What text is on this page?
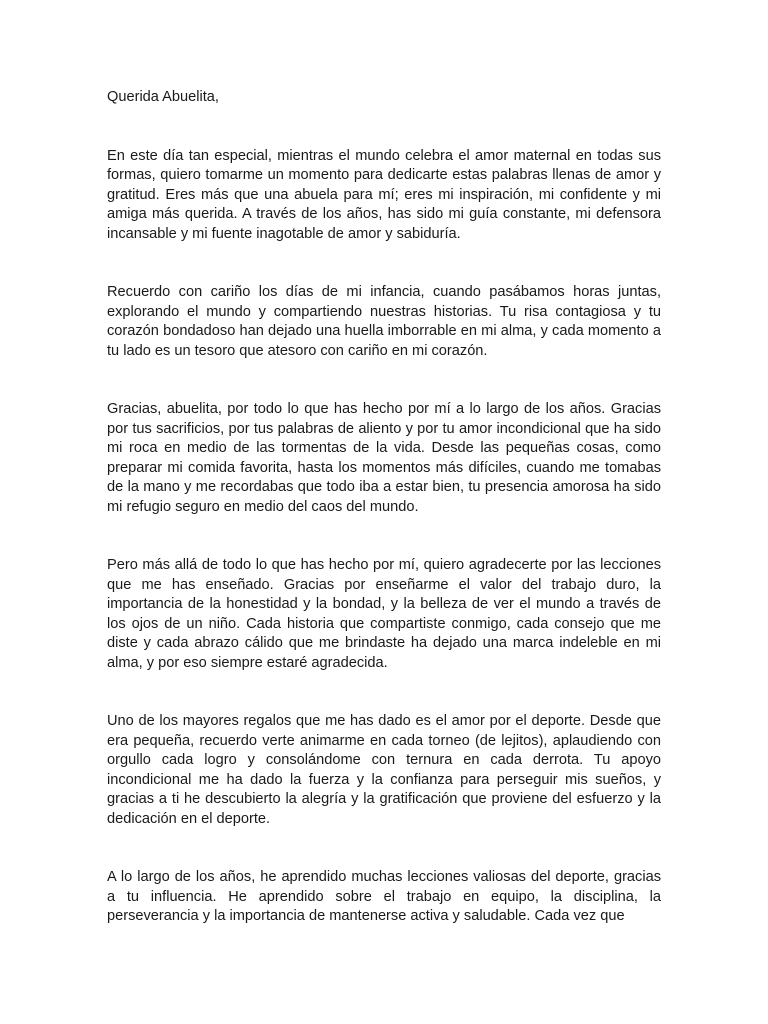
Querida Abuelita,

En este día tan especial, mientras el mundo celebra el amor maternal en todas sus formas, quiero tomarme un momento para dedicarte estas palabras llenas de amor y gratitud. Eres más que una abuela para mí; eres mi inspiración, mi confidente y mi amiga más querida. A través de los años, has sido mi guía constante, mi defensora incansable y mi fuente inagotable de amor y sabiduría.

Recuerdo con cariño los días de mi infancia, cuando pasábamos horas juntas, explorando el mundo y compartiendo nuestras historias. Tu risa contagiosa y tu corazón bondadoso han dejado una huella imborrable en mi alma, y cada momento a tu lado es un tesoro que atesoro con cariño en mi corazón.

Gracias, abuelita, por todo lo que has hecho por mí a lo largo de los años. Gracias por tus sacrificios, por tus palabras de aliento y por tu amor incondicional que ha sido mi roca en medio de las tormentas de la vida. Desde las pequeñas cosas, como preparar mi comida favorita, hasta los momentos más difíciles, cuando me tomabas de la mano y me recordabas que todo iba a estar bien, tu presencia amorosa ha sido mi refugio seguro en medio del caos del mundo.

Pero más allá de todo lo que has hecho por mí, quiero agradecerte por las lecciones que me has enseñado. Gracias por enseñarme el valor del trabajo duro, la importancia de la honestidad y la bondad, y la belleza de ver el mundo a través de los ojos de un niño. Cada historia que compartiste conmigo, cada consejo que me diste y cada abrazo cálido que me brindaste ha dejado una marca indeleble en mi alma, y por eso siempre estaré agradecida.

Uno de los mayores regalos que me has dado es el amor por el deporte. Desde que era pequeña, recuerdo verte animarme en cada torneo (de lejitos), aplaudiendo con orgullo cada logro y consolándome con ternura en cada derrota. Tu apoyo incondicional me ha dado la fuerza y la confianza para perseguir mis sueños, y gracias a ti he descubierto la alegría y la gratificación que proviene del esfuerzo y la dedicación en el deporte.

A lo largo de los años, he aprendido muchas lecciones valiosas del deporte, gracias a tu influencia. He aprendido sobre el trabajo en equipo, la disciplina, la perseverancia y la importancia de mantenerse activa y saludable. Cada vez que
